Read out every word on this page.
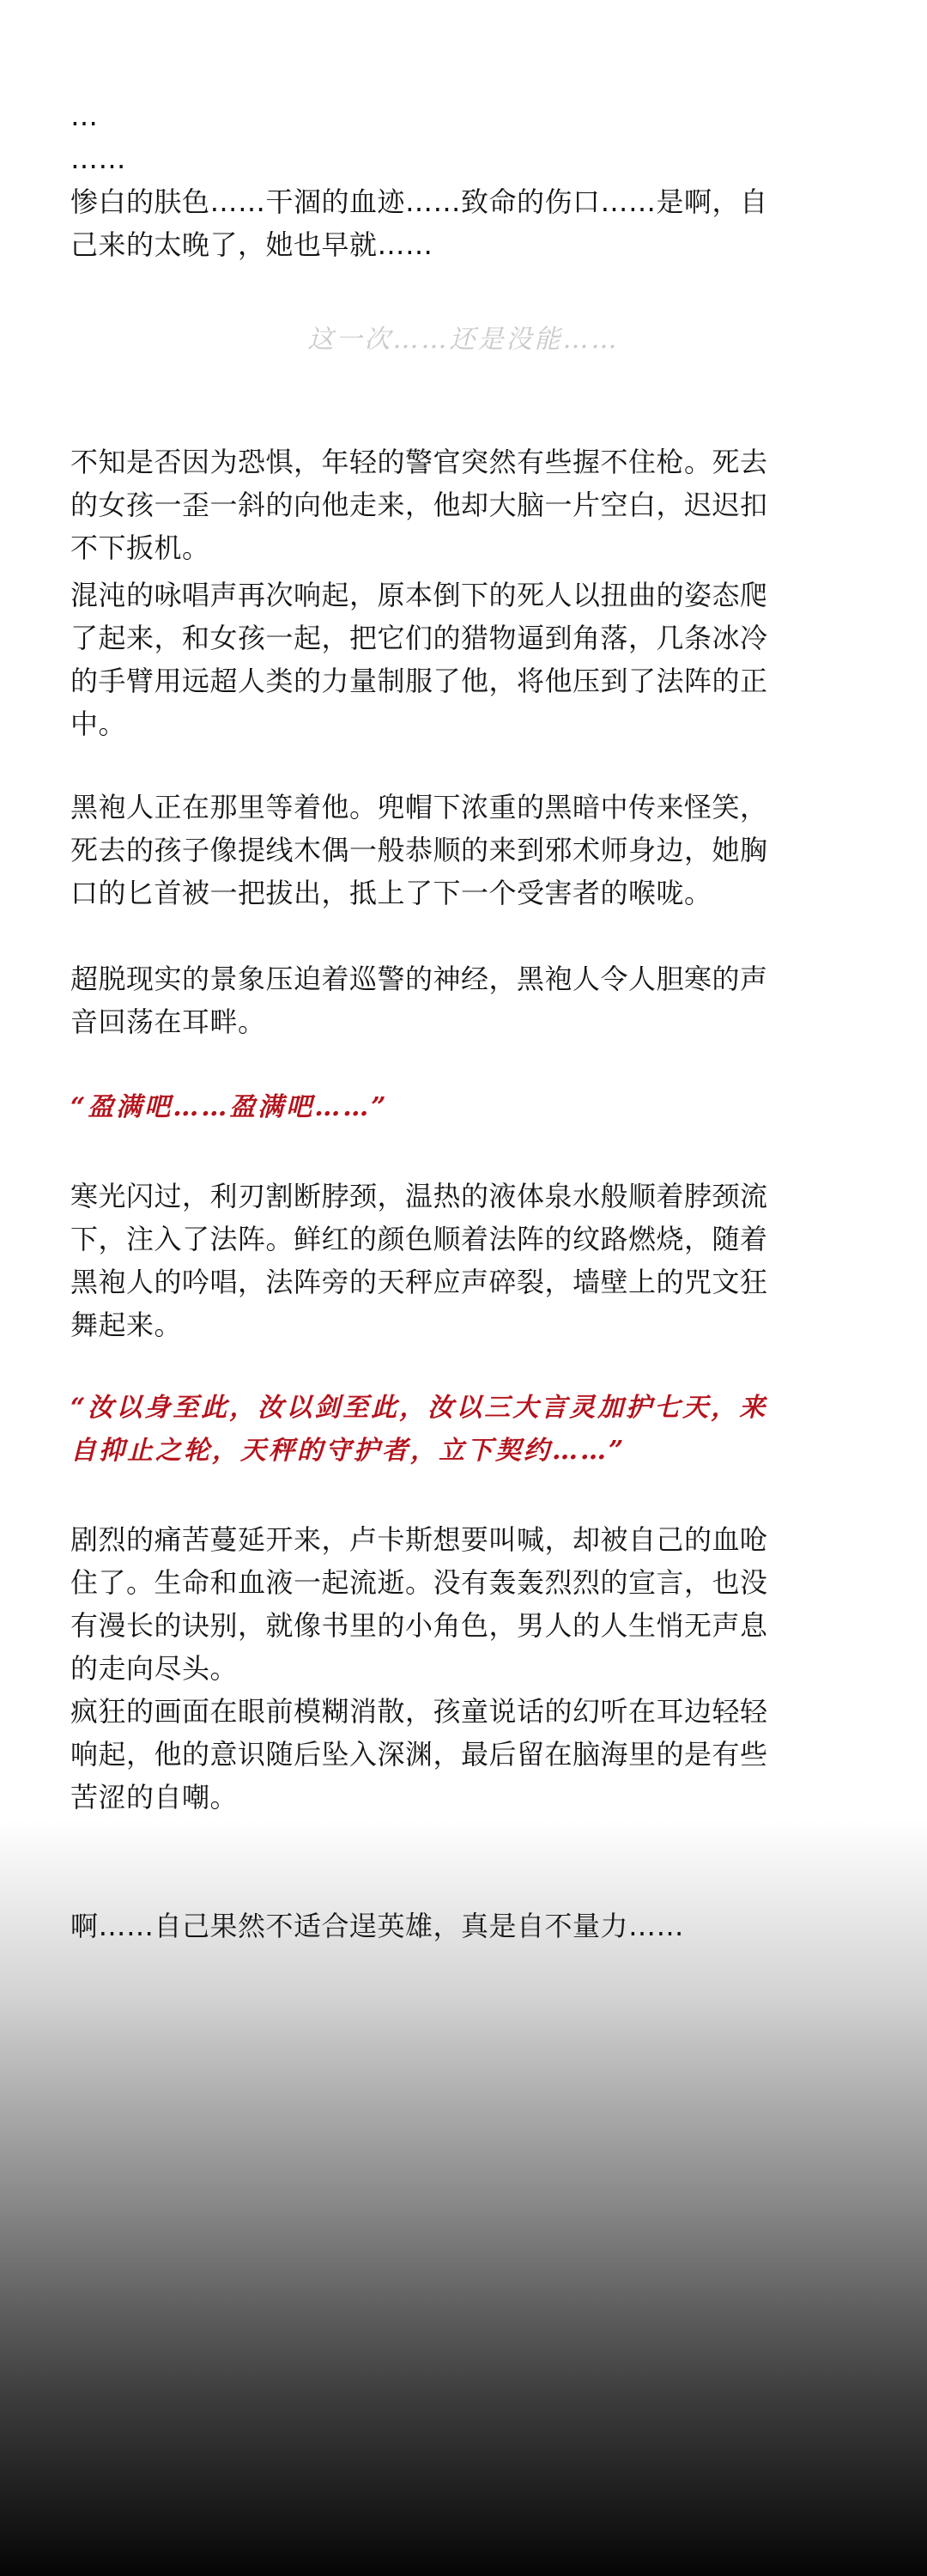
…
……
惨白的肤色……干涸的血迹……致命的伤口……是啊，自
己来的太晚了，她也早就……

这一次……还是没能……

不知是否因为恐惧，年轻的警官突然有些握不住枪。死去
的女孩一歪一斜的向他走来，他却大脑一片空白，迟迟扣
不下扳机。
混沌的咏唱声再次响起，原本倒下的死人以扭曲的姿态爬
了起来，和女孩一起，把它们的猎物逼到角落，几条冰冷
的手臂用远超人类的力量制服了他，将他压到了法阵的正
中。
黑袍人正在那里等着他。兜帽下浓重的黑暗中传来怪笑，
死去的孩子像提线木偶一般恭顺的来到邪术师身边，她胸
口的匕首被一把拔出，抵上了下一个受害者的喉咙。
超脱现实的景象压迫着巡警的神经，黑袍人令人胆寒的声
音回荡在耳畔。

“盈满吧……盈满吧……”

寒光闪过，利刃割断脖颈，温热的液体泉水般顺着脖颈流
下，注入了法阵。鲜红的颜色顺着法阵的纹路燃烧，随着
黑袍人的吟唱，法阵旁的天秤应声碎裂，墙壁上的咒文狂
舞起来。
“汝以身至此，汝以剑至此，汝以三大言灵加护七天，来
自抑止之轮，天秤的守护者，立下契约……”
剧烈的痛苦蔓延开来，卢卡斯想要叫喊，却被自己的血呛
住了。生命和血液一起流逝。没有轰轰烈烈的宣言，也没
有漫长的诀别，就像书里的小角色，男人的人生悄无声息
的走向尽头。
疯狂的画面在眼前模糊消散，孩童说话的幻听在耳边轻轻
响起，他的意识随后坠入深渊，最后留在脑海里的是有些
苦涩的自嘲。
啊……自己果然不适合逞英雄，真是自不量力……
